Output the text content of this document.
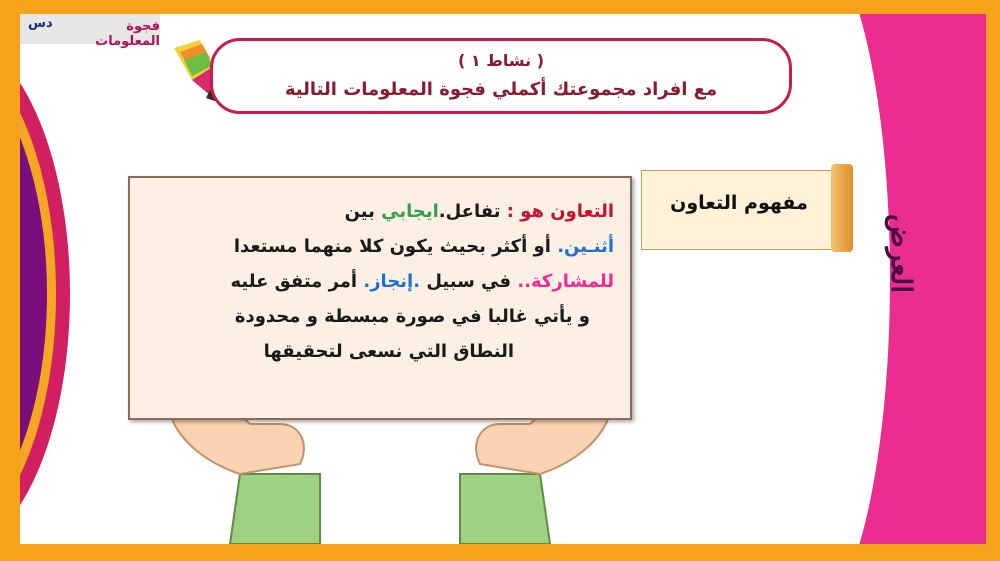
العرض
دس	فجوة المعلومات
( نشاط ١ )
مع افراد مجموعتك أكملي فجوة المعلومات التالية
مفهوم التعاون
التعاون هو : تفاعل.ايجابي بين
أثنـين. أو أكثر بحيث يكون كلا منهما مستعدا
للمشاركة.. في سبيل .إنجاز. أمر متفق عليه
و يأتي غالبا في صورة مبسطة و محدودة
النطاق التي نسعى لتحقيقها
